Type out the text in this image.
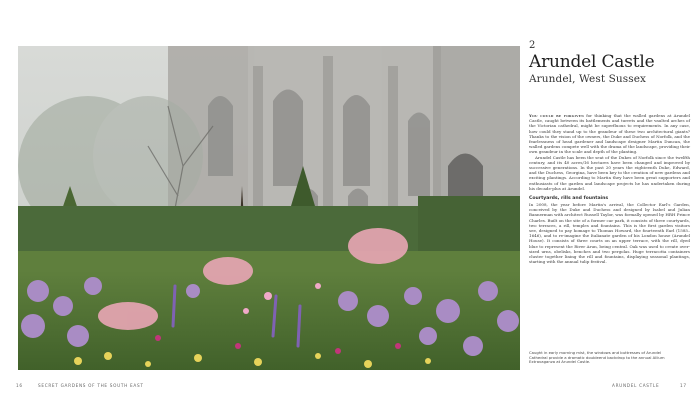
2
Arundel Castle
Arundel, West Sussex

You could be forgiven for thinking that the walled gardens at Arundel Castle, caught between its battlements and turrets and the vaulted arches of the Victorian cathedral, might be superfluous to requirements. In any case, how could they stand up to the grandeur of these two architectural giants? Thanks to the vision of the owners, the Duke and Duchess of Norfolk, and the fearlessness of head gardener and landscape designer Martin Duncan, the walled gardens compete well with the drama of the landscape, providing their own grandeur in the scale and depth of the planting.

Arundel Castle has been the seat of the Dukes of Norfolk since the twelfth century, and its 40 acres/16 hectares have been changed and improved by successive generations. In the past 20 years the eighteenth Duke, Edward, and the Duchess, Georgina, have been key to the creation of new gardens and exciting plantings. According to Martin they have been great supporters and enthusiasts of the garden and landscape projects he has undertaken during his decade-plus at Arundel.

Courtyards, rills and fountains

In 2008, the year before Martin's arrival, the Collector Earl's Garden, conceived by the Duke and Duchess and designed by Isabel and Julian Bannerman with architect Russell Taylor, was formally opened by HRH Prince Charles. Built on the site of a former car park, it consists of three courtyards, two terraces, a rill, temples and fountains. This is the first garden visitors see, designed to pay homage to Thomas Howard, the fourteenth Earl (1585–1646), and to re-imagine the Italianate garden of his London house (Arundel House). It consists of three courts on an upper terrace, with the rill, dyed blue to represent the River Arun, being central. Oak was used to create over-sized urns, obelisks, benches and two pergolas. Huge terracotta containers cluster together lining the rill and fountains, displaying seasonal plantings, starting with the annual tulip festival.

Caught in early morning mist, the windows and buttresses of Arundel Cathedral provide a dramatic doubleend backdrop to the annual Allium Extravaganza at Arundel Castle.
16	SECRET GARDENS OF THE SOUTH EAST	ARUNDEL CASTLE	17
